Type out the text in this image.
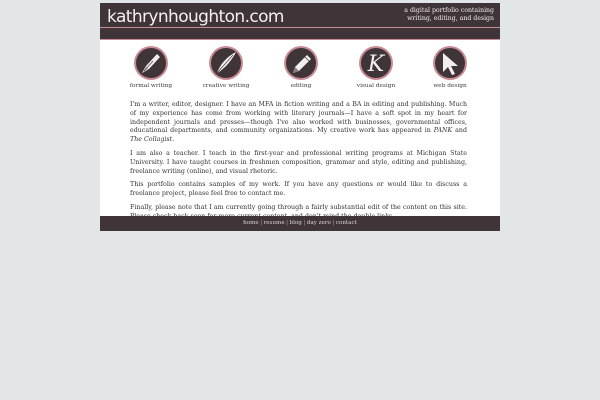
kathrynhoughton.com	a digital portfolio containing
writing, editing, and design
formal writing	creative writing	editing
K
visual design	web design

I'm a writer, editor, designer. I have an MFA in fiction writing and a BA in editing and publishing. Much of my experience has come from working with literary journals—I have a soft spot in my heart for independent journals and presses—though I've also worked with businesses, governmental offices, educational departments, and community organizations. My creative work has appeared in PANK and The Collagist.

I am also a teacher. I teach in the first-year and professional writing programs at Michigan State University. I have taught courses in freshmen composition, grammar and style, editing and publishing, freelance writing (online), and visual rhetoric.

This portfolio contains samples of my work. If you have any questions or would like to discuss a freelance project, please feel free to contact me.

Finally, please note that I am currently going through a fairly substantial edit of the content on this site.

home | resume | blog | day zero | contact
